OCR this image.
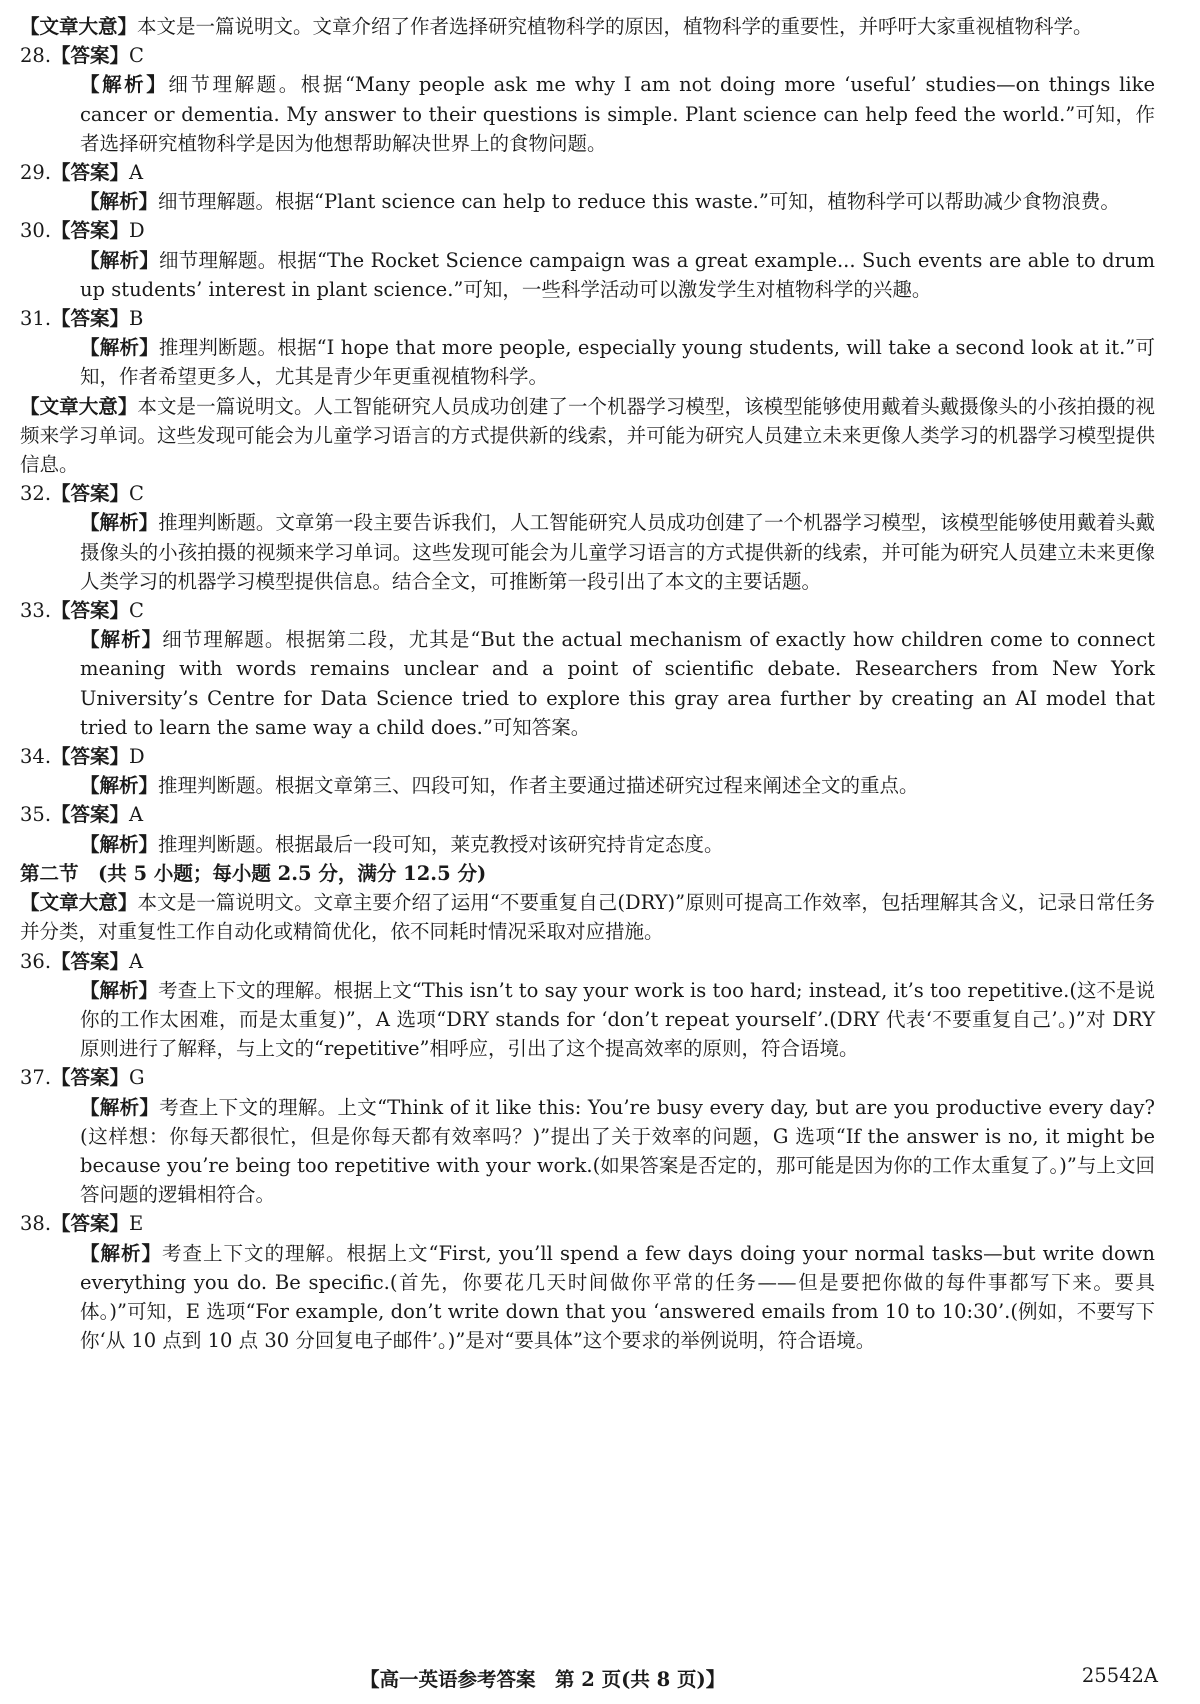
【文章大意】本文是一篇说明文。文章介绍了作者选择研究植物科学的原因，植物科学的重要性，并呼吁大家重视植物科学。

28.【答案】C

【解析】细节理解题。根据“Many people ask me why I am not doing more ‘useful’ studies—on things like cancer or dementia. My answer to their questions is simple. Plant science can help feed the world.”可知，作者选择研究植物科学是因为他想帮助解决世界上的食物问题。

29.【答案】A

【解析】细节理解题。根据“Plant science can help to reduce this waste.”可知，植物科学可以帮助减少食物浪费。

30.【答案】D

【解析】细节理解题。根据“The Rocket Science campaign was a great example... Such events are able to drum up students’ interest in plant science.”可知，一些科学活动可以激发学生对植物科学的兴趣。

31.【答案】B

【解析】推理判断题。根据“I hope that more people, especially young students, will take a second look at it.”可知，作者希望更多人，尤其是青少年更重视植物科学。

【文章大意】本文是一篇说明文。人工智能研究人员成功创建了一个机器学习模型，该模型能够使用戴着头戴摄像头的小孩拍摄的视频来学习单词。这些发现可能会为儿童学习语言的方式提供新的线索，并可能为研究人员建立未来更像人类学习的机器学习模型提供信息。

32.【答案】C

【解析】推理判断题。文章第一段主要告诉我们，人工智能研究人员成功创建了一个机器学习模型，该模型能够使用戴着头戴摄像头的小孩拍摄的视频来学习单词。这些发现可能会为儿童学习语言的方式提供新的线索，并可能为研究人员建立未来更像人类学习的机器学习模型提供信息。结合全文，可推断第一段引出了本文的主要话题。

33.【答案】C

【解析】细节理解题。根据第二段，尤其是“But the actual mechanism of exactly how children come to connect meaning with words remains unclear and a point of scientific debate. Researchers from New York University’s Centre for Data Science tried to explore this gray area further by creating an AI model that tried to learn the same way a child does.”可知答案。

34.【答案】D

【解析】推理判断题。根据文章第三、四段可知，作者主要通过描述研究过程来阐述全文的重点。

35.【答案】A

【解析】推理判断题。根据最后一段可知，莱克教授对该研究持肯定态度。

第二节　(共 5 小题；每小题 2.5 分，满分 12.5 分)

【文章大意】本文是一篇说明文。文章主要介绍了运用“不要重复自己(DRY)”原则可提高工作效率，包括理解其含义，记录日常任务并分类，对重复性工作自动化或精简优化，依不同耗时情况采取对应措施。

36.【答案】A

【解析】考查上下文的理解。根据上文“This isn’t to say your work is too hard; instead, it’s too repetitive.(这不是说你的工作太困难，而是太重复)”，A 选项“DRY stands for ‘don’t repeat yourself’.(DRY 代表‘不要重复自己’。)”对 DRY 原则进行了解释，与上文的“repetitive”相呼应，引出了这个提高效率的原则，符合语境。

37.【答案】G

【解析】考查上下文的理解。上文“Think of it like this: You’re busy every day, but are you productive every day? (这样想：你每天都很忙，但是你每天都有效率吗？)”提出了关于效率的问题，G 选项“If the answer is no, it might be because you’re being too repetitive with your work.(如果答案是否定的，那可能是因为你的工作太重复了。)”与上文回答问题的逻辑相符合。

38.【答案】E

【解析】考查上下文的理解。根据上文“First, you’ll spend a few days doing your normal tasks—but write down everything you do. Be specific.(首先，你要花几天时间做你平常的任务——但是要把你做的每件事都写下来。要具体。)”可知，E 选项“For example, don’t write down that you ‘answered emails from 10 to 10:30’.(例如，不要写下你‘从 10 点到 10 点 30 分回复电子邮件’。)”是对“要具体”这个要求的举例说明，符合语境。

【高一英语参考答案　第 2 页(共 8 页)】	25542A
